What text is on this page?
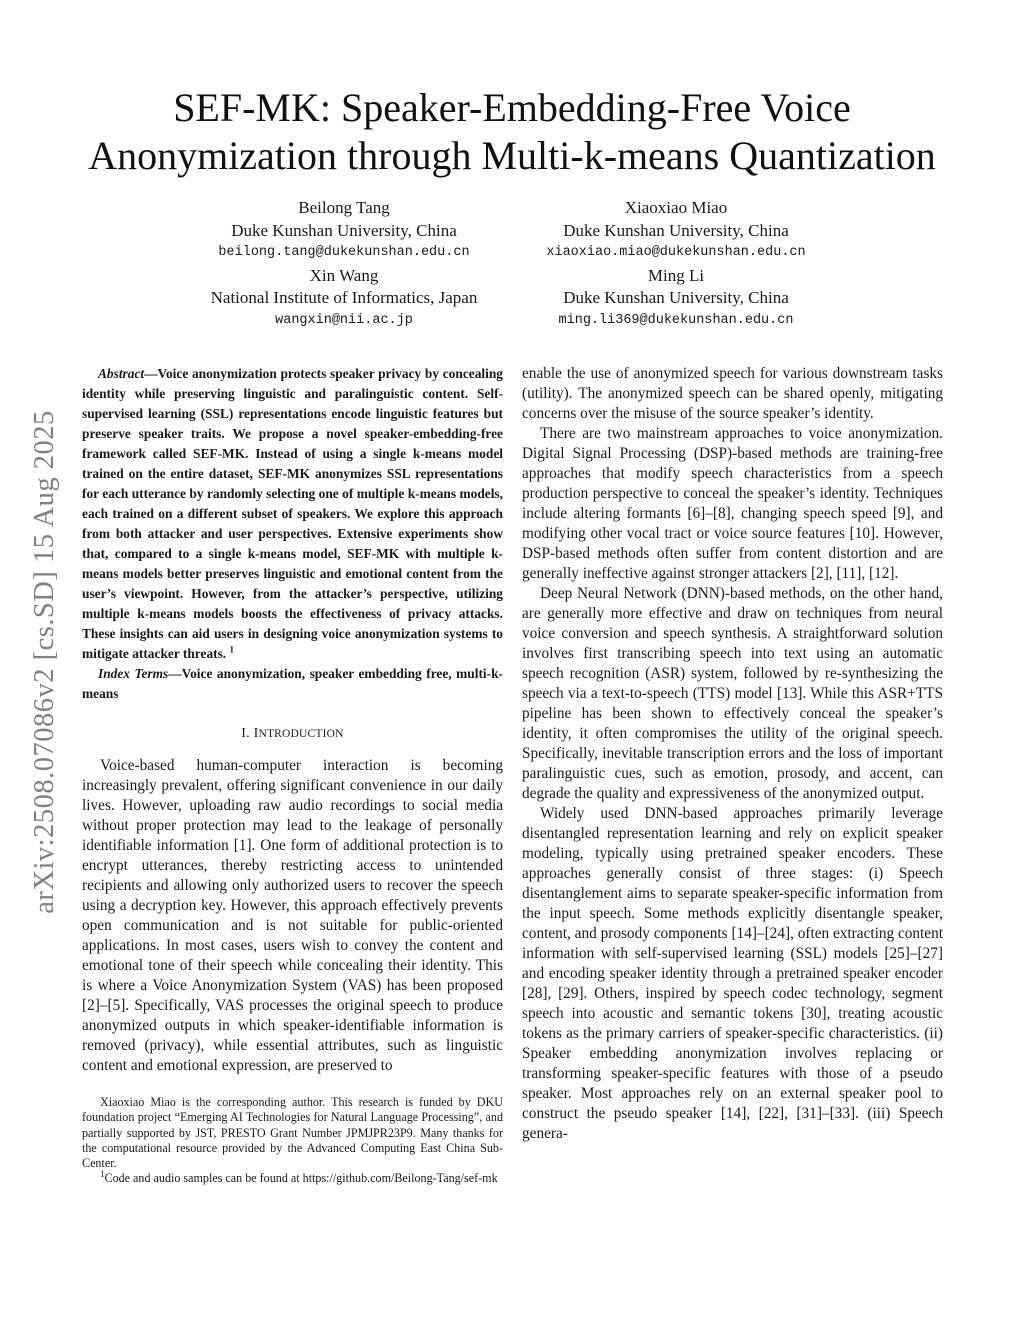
arXiv:2508.07086v2 [cs.SD] 15 Aug 2025
SEF-MK: Speaker-Embedding-Free Voice
Anonymization through Multi-k-means Quantization
Beilong Tang
Duke Kunshan University, China
beilong.tang@dukekunshan.edu.cn
Xin Wang
National Institute of Informatics, Japan
wangxin@nii.ac.jp
Xiaoxiao Miao
Duke Kunshan University, China
xiaoxiao.miao@dukekunshan.edu.cn
Ming Li
Duke Kunshan University, China
ming.li369@dukekunshan.edu.cn
Abstract—Voice anonymization protects speaker privacy by concealing identity while preserving linguistic and paralinguistic content. Self-supervised learning (SSL) representations encode linguistic features but preserve speaker traits. We propose a novel speaker-embedding-free framework called SEF-MK. Instead of using a single k-means model trained on the entire dataset, SEF-MK anonymizes SSL representations for each utterance by randomly selecting one of multiple k-means models, each trained on a different subset of speakers. We explore this approach from both attacker and user perspectives. Extensive experiments show that, compared to a single k-means model, SEF-MK with multiple k-means models better preserves linguistic and emotional content from the user’s viewpoint. However, from the attacker’s perspective, utilizing multiple k-means models boosts the effectiveness of privacy attacks. These insights can aid users in designing voice anonymization systems to mitigate attacker threats. $^1$
Index Terms—Voice anonymization, speaker embedding free, multi-k-means
I. INTRODUCTION

Voice-based human-computer interaction is becoming increasingly prevalent, offering significant convenience in our daily lives. However, uploading raw audio recordings to social media without proper protection may lead to the leakage of personally identifiable information [1]. One form of additional protection is to encrypt utterances, thereby restricting access to unintended recipients and allowing only authorized users to recover the speech using a decryption key. However, this approach effectively prevents open communication and is not suitable for public-oriented applications. In most cases, users wish to convey the content and emotional tone of their speech while concealing their identity. This is where a Voice Anonymization System (VAS) has been proposed [2]–[5]. Specifically, VAS processes the original speech to produce anonymized outputs in which speaker-identifiable information is removed (privacy), while essential attributes, such as linguistic content and emotional expression, are preserved to

Xiaoxiao Miao is the corresponding author. This research is funded by DKU foundation project “Emerging AI Technologies for Natural Language Processing”, and partially supported by JST, PRESTO Grant Number JPMJPR23P9. Many thanks for the computational resource provided by the Advanced Computing East China Sub-Center.

$^1$Code and audio samples can be found at https://github.com/Beilong-Tang/sef-mk

enable the use of anonymized speech for various downstream tasks (utility). The anonymized speech can be shared openly, mitigating concerns over the misuse of the source speaker’s identity.

There are two mainstream approaches to voice anonymization. Digital Signal Processing (DSP)-based methods are training-free approaches that modify speech characteristics from a speech production perspective to conceal the speaker’s identity. Techniques include altering formants [6]–[8], changing speech speed [9], and modifying other vocal tract or voice source features [10]. However, DSP-based methods often suffer from content distortion and are generally ineffective against stronger attackers [2], [11], [12].

Deep Neural Network (DNN)-based methods, on the other hand, are generally more effective and draw on techniques from neural voice conversion and speech synthesis. A straightforward solution involves first transcribing speech into text using an automatic speech recognition (ASR) system, followed by re-synthesizing the speech via a text-to-speech (TTS) model [13]. While this ASR+TTS pipeline has been shown to effectively conceal the speaker’s identity, it often compromises the utility of the original speech. Specifically, inevitable transcription errors and the loss of important paralinguistic cues, such as emotion, prosody, and accent, can degrade the quality and expressiveness of the anonymized output.

Widely used DNN-based approaches primarily leverage disentangled representation learning and rely on explicit speaker modeling, typically using pretrained speaker encoders. These approaches generally consist of three stages: (i) Speech disentanglement aims to separate speaker-specific information from the input speech. Some methods explicitly disentangle speaker, content, and prosody components [14]–[24], often extracting content information with self-supervised learning (SSL) models [25]–[27] and encoding speaker identity through a pretrained speaker encoder [28], [29]. Others, inspired by speech codec technology, segment speech into acoustic and semantic tokens [30], treating acoustic tokens as the primary carriers of speaker-specific characteristics. (ii) Speaker embedding anonymization involves replacing or transforming speaker-specific features with those of a pseudo speaker. Most approaches rely on an external speaker pool to construct the pseudo speaker [14], [22], [31]–[33]. (iii) Speech genera-
